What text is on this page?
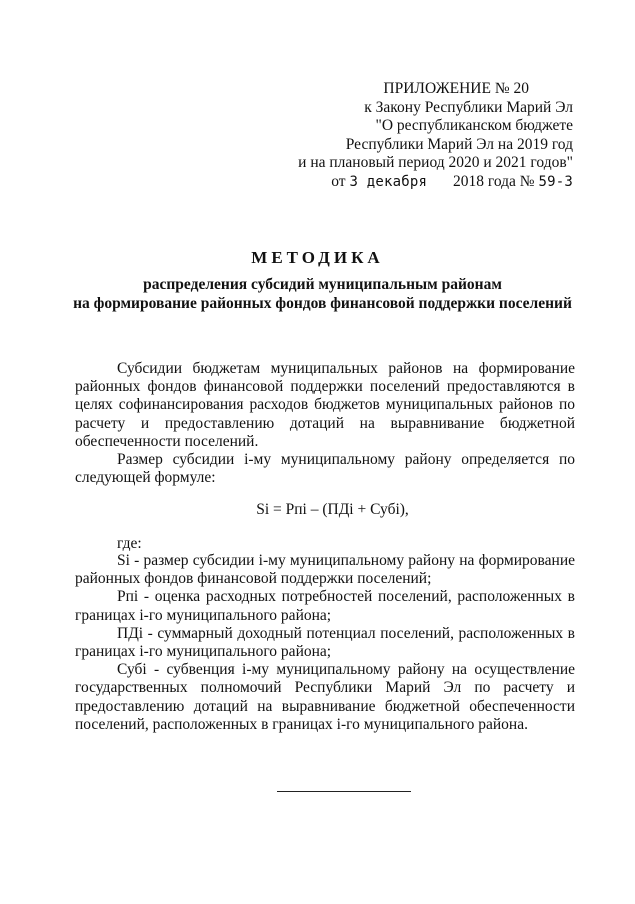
ПРИЛОЖЕНИЕ № 20
к Закону Республики Марий Эл
"О республиканском бюджете
Республики Марий Эл на 2019 год
и на плановый период 2020 и 2021 годов"
от 3 декабря 2018 года № 59-З
МЕТОДИКА
распределения субсидий муниципальным районам
на формирование районных фондов финансовой поддержки поселений

Субсидии бюджетам муниципальных районов на формирование районных фондов финансовой поддержки поселений предоставляются в целях софинансирования расходов бюджетов муниципальных районов по расчету и предоставлению дотаций на выравнивание бюджетной обеспеченности поселений.

Размер субсидии i-му муниципальному району определяется по следующей формуле:

Si = Рпi – (ПДi + Субi),
где:

Si - размер субсидии i-му муниципальному району на формирование районных фондов финансовой поддержки поселений;

Рпi - оценка расходных потребностей поселений, расположенных в границах i-го муниципального района;

ПДi - суммарный доходный потенциал поселений, расположенных в границах i-го муниципального района;

Субi - субвенция i-му муниципальному району на осуществление государственных полномочий Республики Марий Эл по расчету и предоставлению дотаций на выравнивание бюджетной обеспеченности поселений, расположенных в границах i-го муниципального района.
